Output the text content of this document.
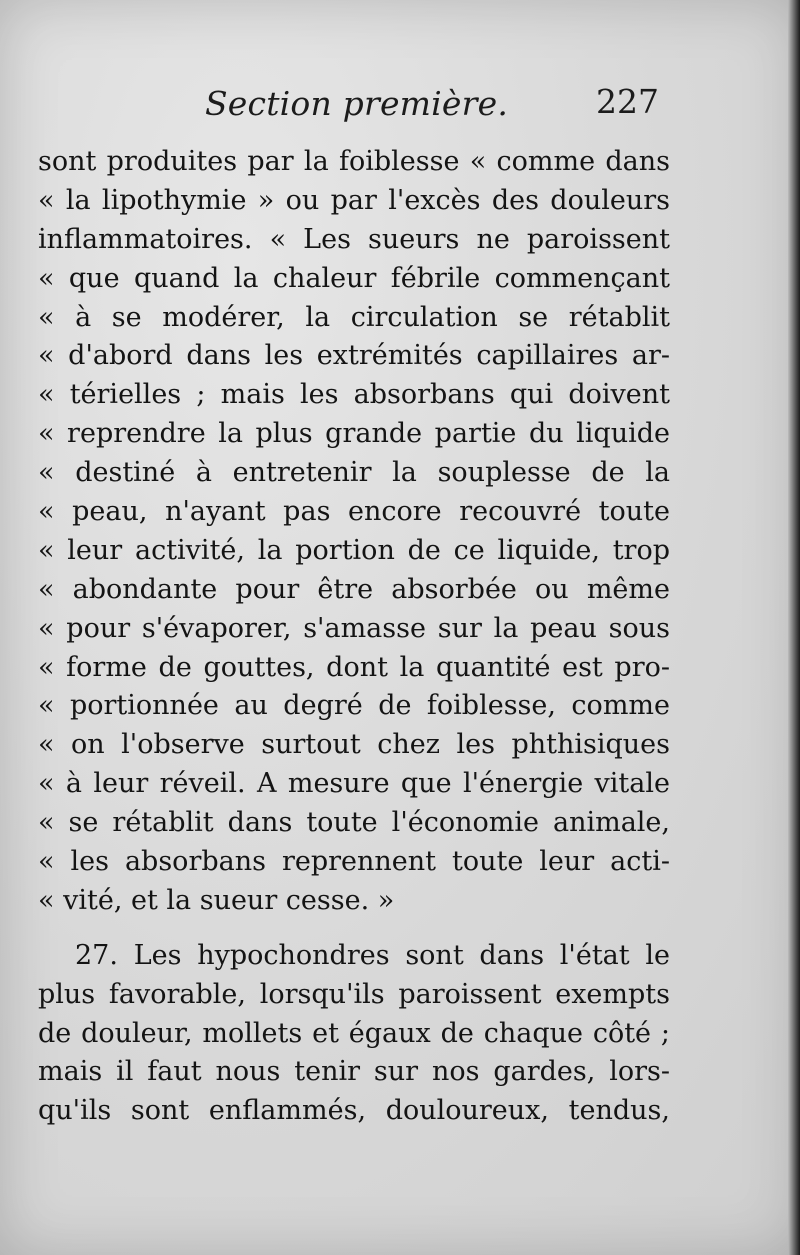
Section première.	227
sont produites par la foiblesse « comme dans
« la lipothymie » ou par l'excès des douleurs
inflammatoires. « Les sueurs ne paroissent
« que quand la chaleur fébrile commençant
« à se modérer, la circulation se rétablit
« d'abord dans les extrémités capillaires ar-
« térielles ; mais les absorbans qui doivent
« reprendre la plus grande partie du liquide
« destiné à entretenir la souplesse de la
« peau, n'ayant pas encore recouvré toute
« leur activité, la portion de ce liquide, trop
« abondante pour être absorbée ou même
« pour s'évaporer, s'amasse sur la peau sous
« forme de gouttes, dont la quantité est pro-
« portionnée au degré de foiblesse, comme
« on l'observe surtout chez les phthisiques
« à leur réveil. A mesure que l'énergie vitale
« se rétablit dans toute l'économie animale,
« les absorbans reprennent toute leur acti-
« vité, et la sueur cesse. »
27. Les hypochondres sont dans l'état le
plus favorable, lorsqu'ils paroissent exempts
de douleur, mollets et égaux de chaque côté ;
mais il faut nous tenir sur nos gardes, lors-
qu'ils sont enflammés, douloureux, tendus,
